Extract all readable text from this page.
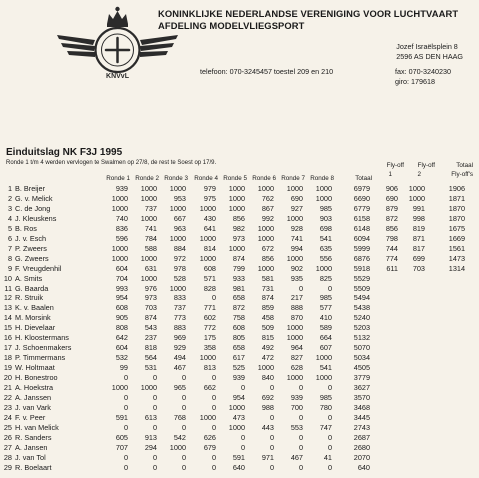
KNVvL
KONINKLIJKE NEDERLANDSE VERENIGING VOOR LUCHTVAART
AFDELING MODELVLIEGSPORT
Jozef Israëlsplein 8
2596 AS DEN HAAG
telefoon: 070-3245457 toestel 209 en 210	fax: 070-3240230
giro: 179618
Einduitslag NK F3J 1995
Ronde 1 t/m 4 werden vervlogen te Swalmen op 27/8, de rest te Soest op 17/9.	Fly-off Fly-off	Totaal
1	2	Fly-off's
Ronde 1 Ronde 2 Ronde 3 Ronde 4 Ronde 5 Ronde 6 Ronde 7 Ronde 8	Totaal
1 B. Breijer	939 1000 1000 979 1000 1000 1000 1000	6979 906 1000	1906
2 G. v. Melick	1000 1000 953 975 1000 762 690 1000	6690 690 1000	1871
3 C. de Jong	1000 737 1000 1000 1000 867 927 985	6779 879 991	1870
4 J. Kleuskens	740 1000 667 430 856 992 1000 903	6158 872 998	1870
5 B. Ros	836 741 963 641 982 1000 928 698	6148 856 819	1675
6 J. v. Esch	596 784 1000 1000 973 1000 741 541	6094 798 871	1669
7 P. Zweers	1000 588 884 814 1000 672 994 635	5999 744 817	1561
8 G. Zweers	1000 1000 972 1000 874 856 1000 556	6876 774 699	1473
9 F. Vreugdenhil	604 631 978 608 799 1000 902 1000	5918 611 703	1314
10 A. Smits	704 1000 528 571 933 581 935 825	5529
11 G. Baarda	993 976 1000 828 981 731	0	0	5509
12 R. Struik	954 973 833	0 658 874 217 985	5494
13 K. v. Baalen	608 703 737 771 872 859 888 577	5438
14 M. Morsink	905 874 773 602 758 458 870 410	5240
15 H. Dievelaar	808 543 883 772 608 509 1000 589	5203
16 H. Kloostermans	642 237 969 175 805 815 1000 664	5132
17 J. Schoenmakers	604 818 929 358 658 492 964 607	5070
18 P. Timmermans	532 564 494 1000 617 472 827 1000	5034
19 W. Holtmaat	99 531 467 813 525 1000 628 541	4505
20 H. Bonestroo	0	0	0	0 939 840 1000 1000	3779
21 A. Hoekstra	1000 1000 965 662	0	0	0	0	3627
22 A. Janssen	0	0	0	0 954 692 939 985	3570
23 J. van Vark	0	0	0	0 1000 988 700 780	3468
24 F. v. Peer	591 613 768 1000 473	0	0	0	3445
25 H. van Melick	0	0	0	0 1000 443 553 747	2743
26 R. Sanders	605 913 542 626	0	0	0	0	2687
27 A. Jansen	707 294 1000 679	0	0	0	0	2680
28 J. van Tol	0	0	0	0 591 971 467	41	2070
29 R. Boelaart	0	0	0	0 640	0	0	0	640
